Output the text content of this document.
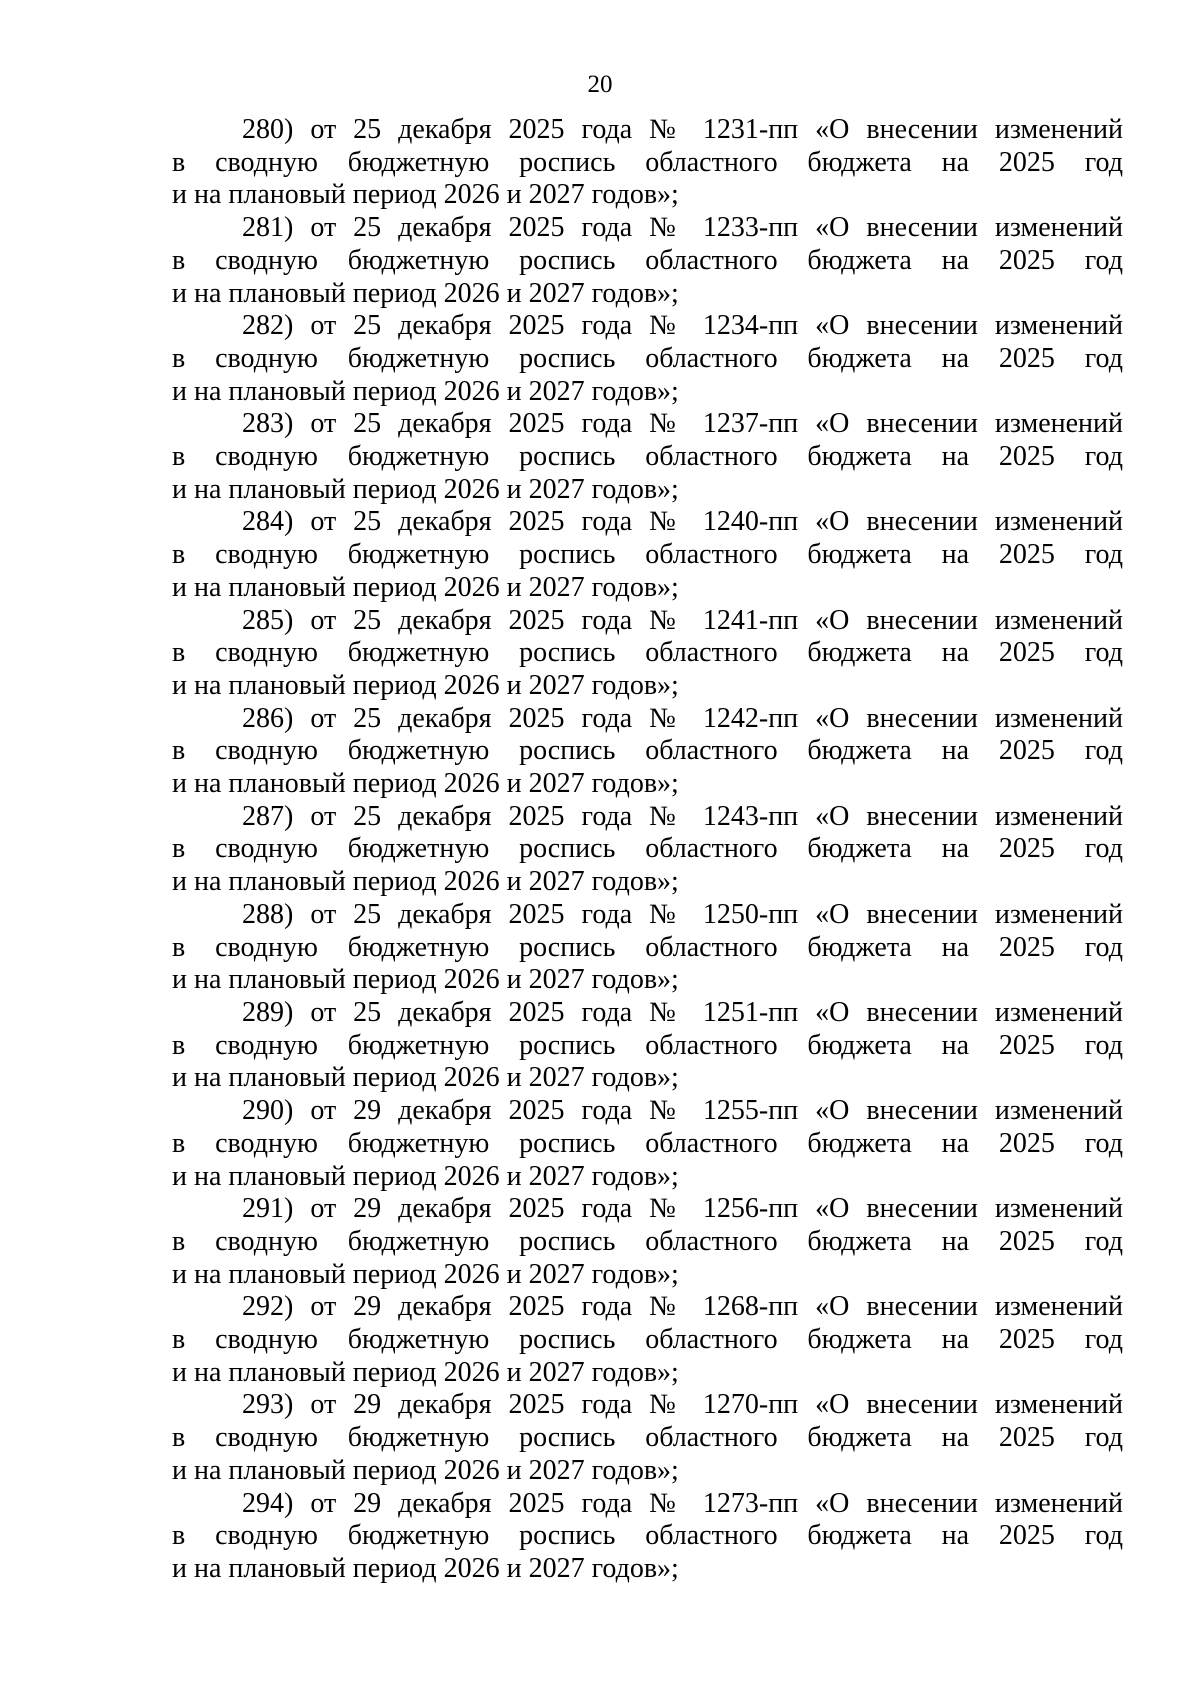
20
280) от 25 декабря 2025 года № 1231-пп «О внесении изменений
в сводную бюджетную роспись областного бюджета на 2025 год
и на плановый период 2026 и 2027 годов»;
281) от 25 декабря 2025 года № 1233-пп «О внесении изменений
в сводную бюджетную роспись областного бюджета на 2025 год
и на плановый период 2026 и 2027 годов»;
282) от 25 декабря 2025 года № 1234-пп «О внесении изменений
в сводную бюджетную роспись областного бюджета на 2025 год
и на плановый период 2026 и 2027 годов»;
283) от 25 декабря 2025 года № 1237-пп «О внесении изменений
в сводную бюджетную роспись областного бюджета на 2025 год
и на плановый период 2026 и 2027 годов»;
284) от 25 декабря 2025 года № 1240-пп «О внесении изменений
в сводную бюджетную роспись областного бюджета на 2025 год
и на плановый период 2026 и 2027 годов»;
285) от 25 декабря 2025 года № 1241-пп «О внесении изменений
в сводную бюджетную роспись областного бюджета на 2025 год
и на плановый период 2026 и 2027 годов»;
286) от 25 декабря 2025 года № 1242-пп «О внесении изменений
в сводную бюджетную роспись областного бюджета на 2025 год
и на плановый период 2026 и 2027 годов»;
287) от 25 декабря 2025 года № 1243-пп «О внесении изменений
в сводную бюджетную роспись областного бюджета на 2025 год
и на плановый период 2026 и 2027 годов»;
288) от 25 декабря 2025 года № 1250-пп «О внесении изменений
в сводную бюджетную роспись областного бюджета на 2025 год
и на плановый период 2026 и 2027 годов»;
289) от 25 декабря 2025 года № 1251-пп «О внесении изменений
в сводную бюджетную роспись областного бюджета на 2025 год
и на плановый период 2026 и 2027 годов»;
290) от 29 декабря 2025 года № 1255-пп «О внесении изменений
в сводную бюджетную роспись областного бюджета на 2025 год
и на плановый период 2026 и 2027 годов»;
291) от 29 декабря 2025 года № 1256-пп «О внесении изменений
в сводную бюджетную роспись областного бюджета на 2025 год
и на плановый период 2026 и 2027 годов»;
292) от 29 декабря 2025 года № 1268-пп «О внесении изменений
в сводную бюджетную роспись областного бюджета на 2025 год
и на плановый период 2026 и 2027 годов»;
293) от 29 декабря 2025 года № 1270-пп «О внесении изменений
в сводную бюджетную роспись областного бюджета на 2025 год
и на плановый период 2026 и 2027 годов»;
294) от 29 декабря 2025 года № 1273-пп «О внесении изменений
в сводную бюджетную роспись областного бюджета на 2025 год
и на плановый период 2026 и 2027 годов»;
